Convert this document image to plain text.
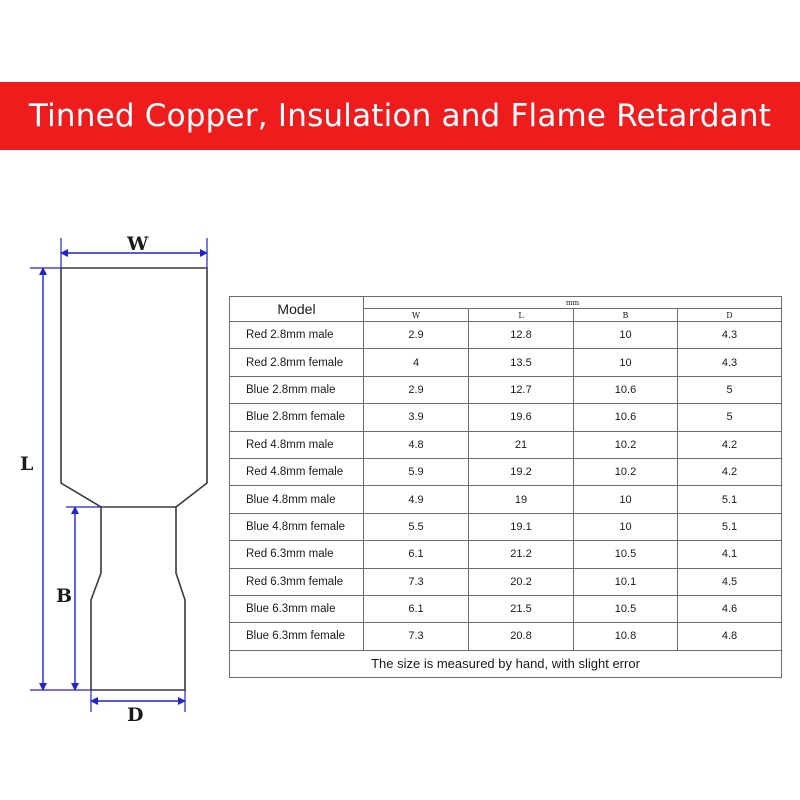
Tinned Copper, Insulation and Flame Retardant
W
L
B
D
Model	mm			
	W	L	B	D
Red 2.8mm male	2.9	12.8	10	4.3
Red 2.8mm female	4	13.5	10	4.3
Blue 2.8mm male	2.9	12.7	10.6	5
Blue 2.8mm female	3.9	19.6	10.6	5
Red 4.8mm male	4.8	21	10.2	4.2
Red 4.8mm female	5.9	19.2	10.2	4.2
Blue 4.8mm male	4.9	19	10	5.1
Blue 4.8mm female	5.5	19.1	10	5.1
Red 6.3mm male	6.1	21.2	10.5	4.1
Red 6.3mm female	7.3	20.2	10.1	4.5
Blue 6.3mm male	6.1	21.5	10.5	4.6
Blue 6.3mm female	7.3	20.8	10.8	4.8
The size is measured by hand, with slight error				
